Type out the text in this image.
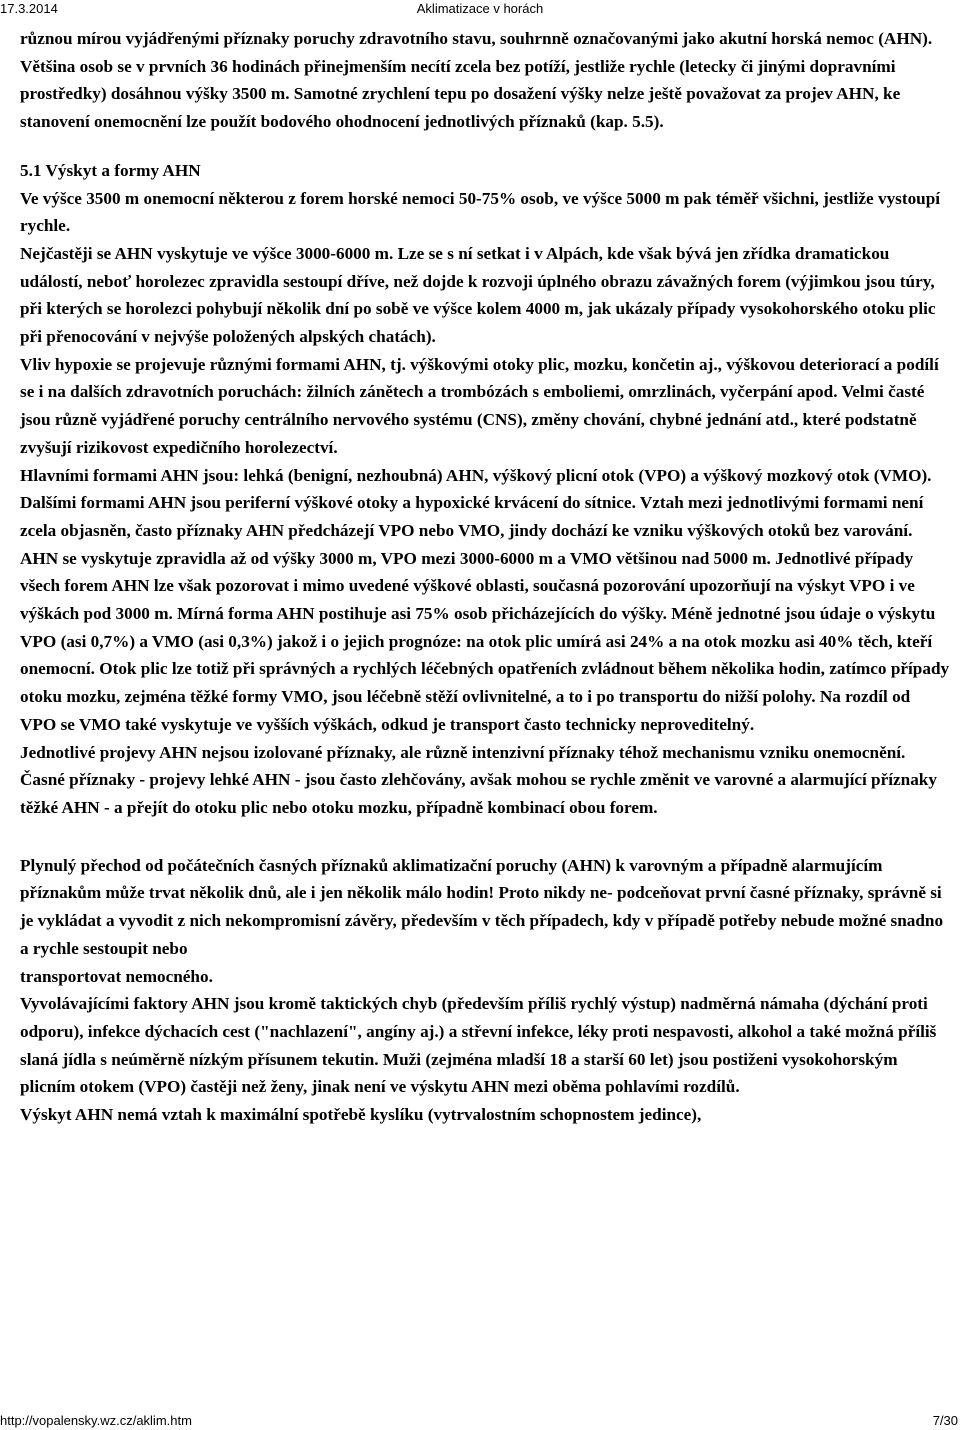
17.3.2014	Aklimatizace v horách

různou mírou vyjádřenými příznaky poruchy zdravotního stavu, souhrnně označovanými jako akutní horská nemoc (AHN). Většina osob se v prvních 36 hodinách přinejmenším necítí zcela bez potíží, jestliže rychle (letecky či jinými dopravními prostředky) dosáhnou výšky 3500 m. Samotné zrychlení tepu po dosažení výšky nelze ještě považovat za projev AHN, ke stanovení onemocnění lze použít bodového ohodnocení jednotlivých příznaků (kap. 5.5).

5.1 Výskyt a formy AHN

Ve výšce 3500 m onemocní některou z forem horské nemoci 50-75% osob, ve výšce 5000 m pak téměř všichni, jestliže vystoupí rychle.

Nejčastěji se AHN vyskytuje ve výšce 3000-6000 m. Lze se s ní setkat i v Alpách, kde však bývá jen zřídka dramatickou událostí, neboť horolezec zpravidla sestoupí dříve, než dojde k rozvoji úplného obrazu závažných forem (výjimkou jsou túry, při kterých se horolezci pohybují několik dní po sobě ve výšce kolem 4000 m, jak ukázaly případy vysokohorského otoku plic při přenocování v nejvýše položených alpských chatách).

Vliv hypoxie se projevuje různými formami AHN, tj. výškovými otoky plic, mozku, končetin aj., výškovou deteriorací a podílí se i na dalších zdravotních poruchách: žilních zánětech a trombózách s emboliemi, omrzlinách, vyčerpání apod. Velmi časté jsou různě vyjádřené poruchy centrálního nervového systému (CNS), změny chování, chybné jednání atd., které podstatně zvyšují rizikovost expedičního horolezectví.

Hlavními formami AHN jsou: lehká (benigní, nezhoubná) AHN, výškový plicní otok (VPO) a výškový mozkový otok (VMO). Dalšími formami AHN jsou periferní výškové otoky a hypoxické krvácení do sítnice. Vztah mezi jednotlivými formami není zcela objasněn, často příznaky AHN předcházejí VPO nebo VMO, jindy dochází ke vzniku výškových otoků bez varování.

AHN se vyskytuje zpravidla až od výšky 3000 m, VPO mezi 3000-6000 m a VMO většinou nad 5000 m. Jednotlivé případy všech forem AHN lze však pozorovat i mimo uvedené výškové oblasti, současná pozorování upozorňují na výskyt VPO i ve výškách pod 3000 m. Mírná forma AHN postihuje asi 75% osob přicházejících do výšky. Méně jednotné jsou údaje o výskytu VPO (asi 0,7%) a VMO (asi 0,3%) jakož i o jejich prognóze: na otok plic umírá asi 24% a na otok mozku asi 40% těch, kteří onemocní. Otok plic lze totiž při správných a rychlých léčebných opatřeních zvládnout během několika hodin, zatímco případy otoku mozku, zejména těžké formy VMO, jsou léčebně stěží ovlivnitelné, a to i po transportu do nižší polohy. Na rozdíl od VPO se VMO také vyskytuje ve vyšších výškách, odkud je transport často technicky neproveditelný.

Jednotlivé projevy AHN nejsou izolované příznaky, ale různě intenzivní příznaky téhož mechanismu vzniku onemocnění. Časné příznaky - projevy lehké AHN - jsou často zlehčovány, avšak mohou se rychle změnit ve varovné a alarmující příznaky těžké AHN - a přejít do otoku plic nebo otoku mozku, případně kombinací obou forem.

Plynulý přechod od počátečních časných příznaků aklimatizační poruchy (AHN) k varovným a případně alarmujícím příznakům může trvat několik dnů, ale i jen několik málo hodin! Proto nikdy ne- podceňovat první časné příznaky, správně si je vykládat a vyvodit z nich nekompromisní závěry, především v těch případech, kdy v případě potřeby nebude možné snadno a rychle sestoupit nebo

transportovat nemocného.

Vyvolávajícími faktory AHN jsou kromě taktických chyb (především příliš rychlý výstup) nadměrná námaha (dýchání proti odporu), infekce dýchacích cest ("nachlazení", angíny aj.) a střevní infekce, léky proti nespavosti, alkohol a také možná příliš slaná jídla s neúměrně nízkým přísunem tekutin. Muži (zejména mladší 18 a starší 60 let) jsou postiženi vysokohorským plicním otokem (VPO) častěji než ženy, jinak není ve výskytu AHN mezi oběma pohlavími rozdílů.

Výskyt AHN nemá vztah k maximální spotřebě kyslíku (vytrvalostním schopnostem jedince),

http://vopalensky.wz.cz/aklim.htm	7/30
